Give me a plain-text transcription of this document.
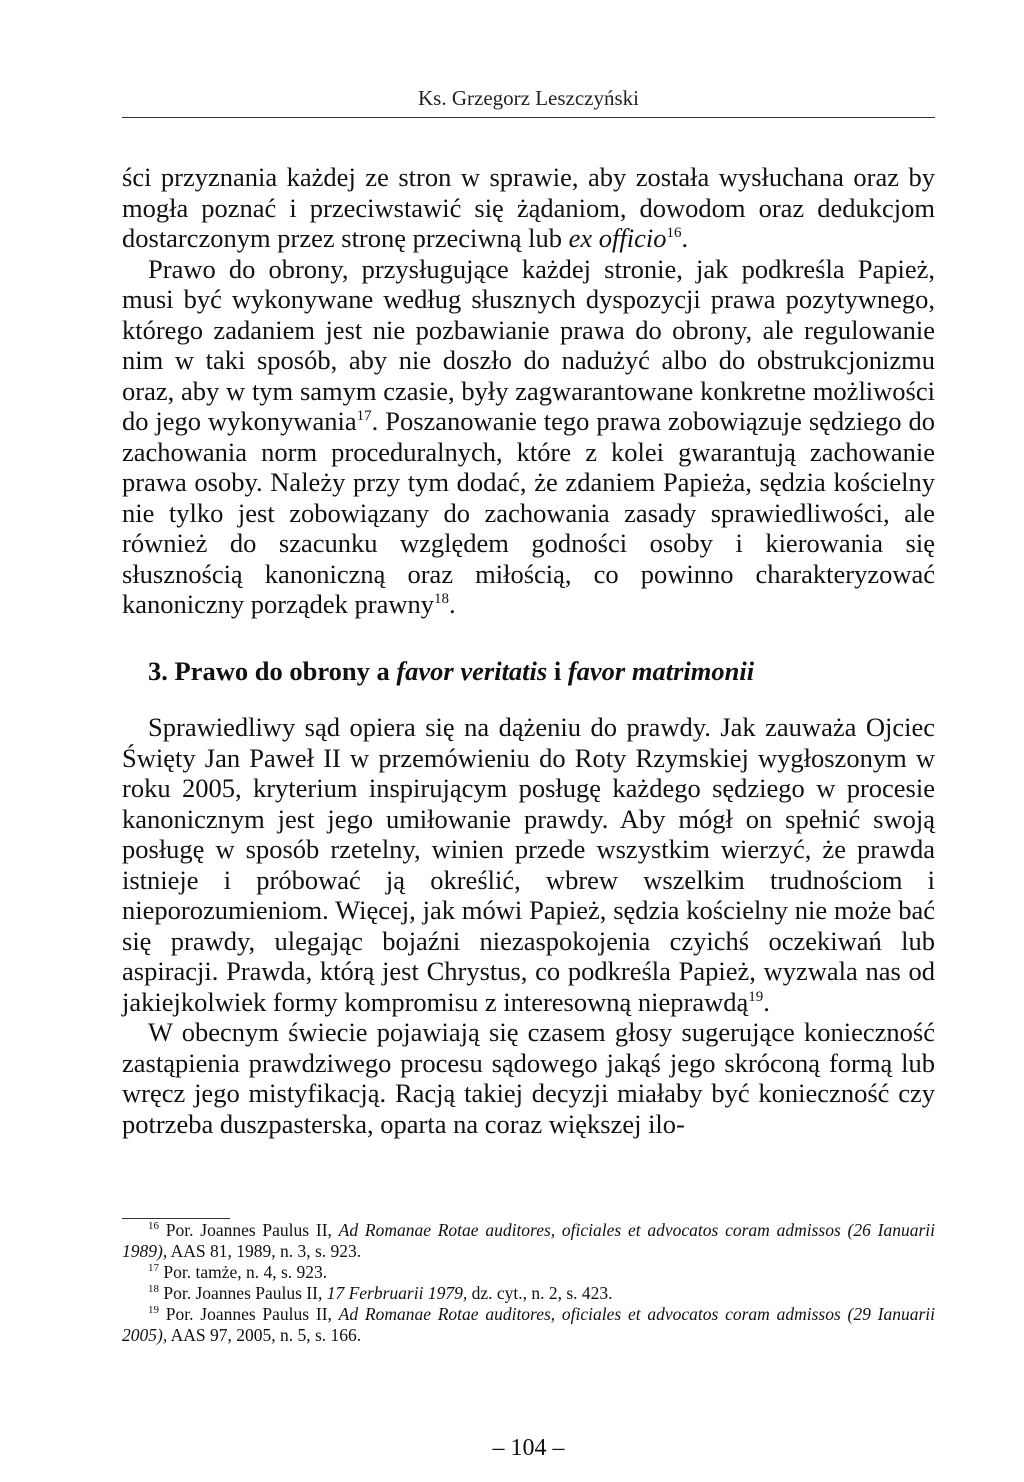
Ks. Grzegorz Leszczyński

ści przyznania każdej ze stron w sprawie, aby została wysłuchana oraz by mogła poznać i przeciwstawić się żądaniom, dowodom oraz dedukcjom dostarczonym przez stronę przeciwną lub ex officio$^{16}$.

Prawo do obrony, przysługujące każdej stronie, jak podkreśla Papież, musi być wykonywane według słusznych dyspozycji prawa pozytywnego, którego zadaniem jest nie pozbawianie prawa do obrony, ale regulowanie nim w taki sposób, aby nie doszło do nadużyć albo do obstrukcjonizmu oraz, aby w tym samym czasie, były zagwarantowane konkretne możliwości do jego wykonywania$^{17}$. Poszanowanie tego prawa zobowiązuje sędziego do zachowania norm proceduralnych, które z kolei gwarantują zachowanie prawa osoby. Należy przy tym dodać, że zdaniem Papieża, sędzia kościelny nie tylko jest zobowiązany do zachowania zasady sprawiedliwości, ale również do szacunku względem godności osoby i kierowania się słusznością kanoniczną oraz miłością, co powinno charakteryzować kanoniczny porządek prawny$^{18}$.

3. Prawo do obrony a favor veritatis i favor matrimonii

Sprawiedliwy sąd opiera się na dążeniu do prawdy. Jak zauważa Ojciec Święty Jan Paweł II w przemówieniu do Roty Rzymskiej wygłoszonym w roku 2005, kryterium inspirującym posługę każdego sędziego w procesie kanonicznym jest jego umiłowanie prawdy. Aby mógł on spełnić swoją posługę w sposób rzetelny, winien przede wszystkim wierzyć, że prawda istnieje i próbować ją określić, wbrew wszelkim trudnościom i nieporozumieniom. Więcej, jak mówi Papież, sędzia kościelny nie może bać się prawdy, ulegając bojaźni niezaspokojenia czyichś oczekiwań lub aspiracji. Prawda, którą jest Chrystus, co podkreśla Papież, wyzwala nas od jakiejkolwiek formy kompromisu z interesowną nieprawdą$^{19}$.

W obecnym świecie pojawiają się czasem głosy sugerujące konieczność zastąpienia prawdziwego procesu sądowego jakąś jego skróconą formą lub wręcz jego mistyfikacją. Racją takiej decyzji miałaby być konieczność czy potrzeba duszpasterska, oparta na coraz większej ilo-

$^{16}$ Por. Joannes Paulus II, Ad Romanae Rotae auditores, oficiales et advocatos coram admissos (26 Ianuarii 1989), AAS 81, 1989, n. 3, s. 923.

$^{17}$ Por. tamże, n. 4, s. 923.

$^{18}$ Por. Joannes Paulus II, 17 Ferbruarii 1979, dz. cyt., n. 2, s. 423.

$^{19}$ Por. Joannes Paulus II, Ad Romanae Rotae auditores, oficiales et advocatos coram admissos (29 Ianuarii 2005), AAS 97, 2005, n. 5, s. 166.

– 104 –
